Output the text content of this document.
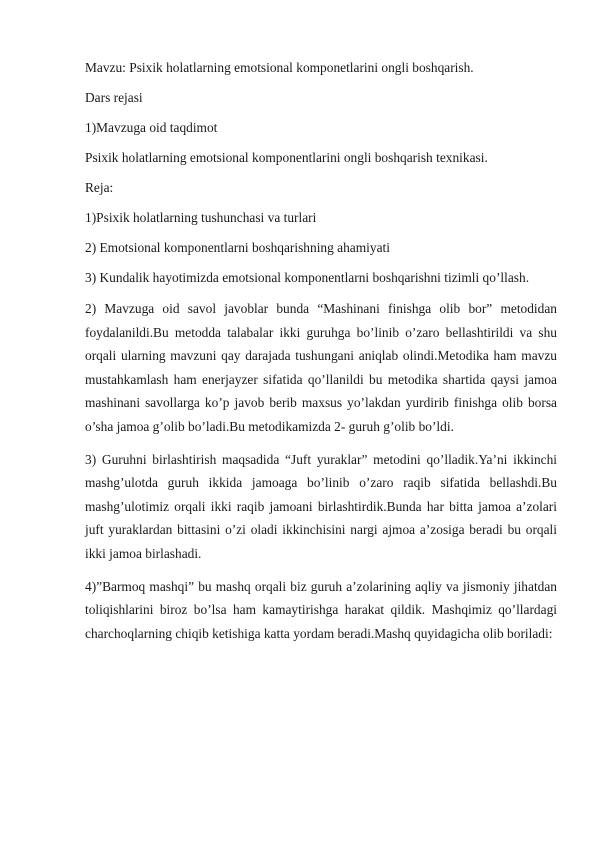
Mavzu: Psixik holatlarning emotsional komponetlarini ongli boshqarish.

Dars rejasi

1)Mavzuga oid taqdimot

Psixik holatlarning emotsional komponentlarini ongli boshqarish texnikasi.

Reja:

1)Psixik holatlarning tushunchasi va turlari

2) Emotsional komponentlarni boshqarishning ahamiyati

3) Kundalik hayotimizda emotsional komponentlarni boshqarishni tizimli qo’llash.

2) Mavzuga oid savol javoblar bunda “Mashinani finishga olib bor” metodidan foydalanildi.Bu metodda talabalar ikki guruhga bo’linib o’zaro bellashtirildi va shu orqali ularning mavzuni qay darajada tushungani aniqlab olindi.Metodika ham mavzu mustahkamlash ham enerjayzer sifatida qo’llanildi bu metodika shartida qaysi jamoa mashinani savollarga ko’p javob berib maxsus yo’lakdan yurdirib finishga olib borsa o’sha jamoa g’olib bo’ladi.Bu metodikamizda 2- guruh g’olib bo’ldi.

3) Guruhni birlashtirish maqsadida “Juft yuraklar” metodini qo’lladik.Ya’ni ikkinchi mashg’ulotda guruh ikkida jamoaga bo’linib o’zaro raqib sifatida bellashdi.Bu mashg’ulotimiz orqali ikki raqib jamoani birlashtirdik.Bunda har bitta jamoa a’zolari juft yuraklardan bittasini o’zi oladi ikkinchisini nargi ajmoa a’zosiga beradi bu orqali ikki jamoa birlashadi.

4)”Barmoq mashqi” bu mashq orqali biz guruh a’zolarining aqliy va jismoniy jihatdan toliqishlarini biroz bo’lsa ham kamaytirishga harakat qildik. Mashqimiz qo’llardagi charchoqlarning chiqib ketishiga katta yordam beradi.Mashq quyidagicha olib boriladi:
